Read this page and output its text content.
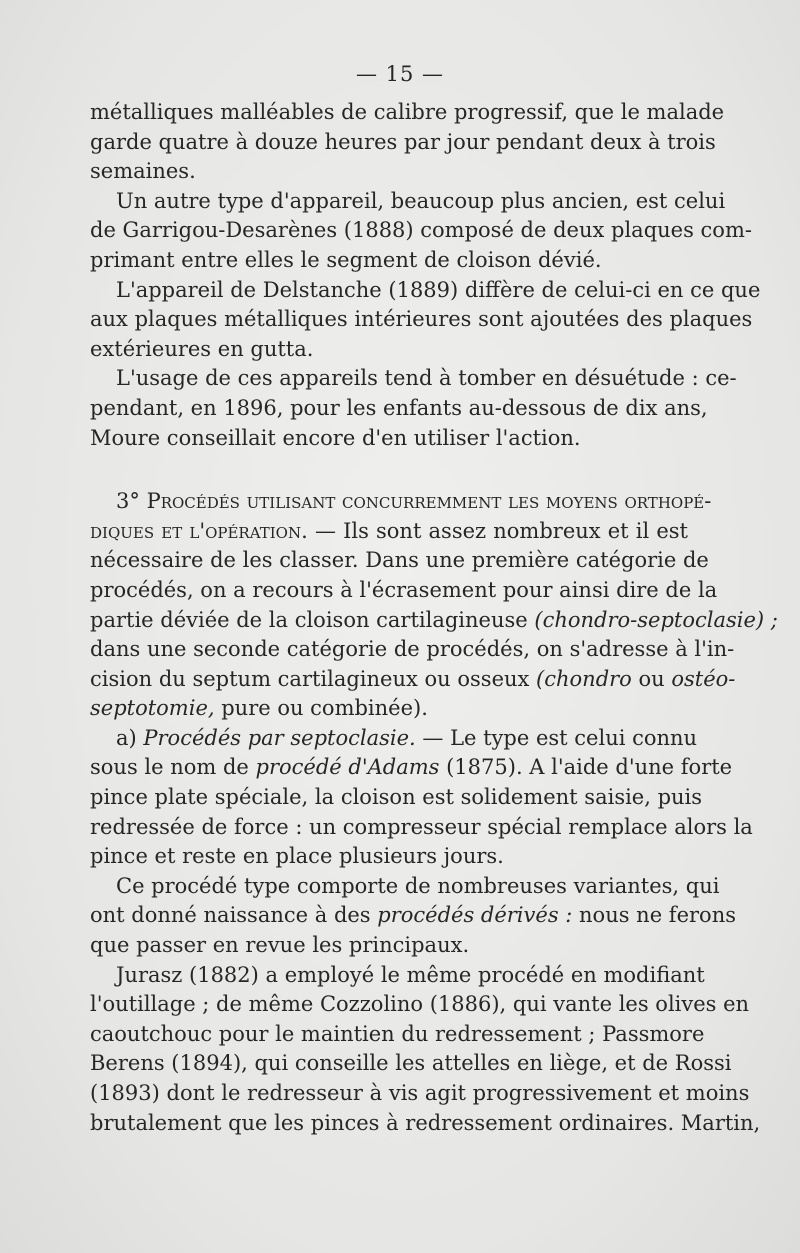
— 15 —
métalliques malléables de calibre progressif, que le malade
garde quatre à douze heures par jour pendant deux à trois
semaines.
Un autre type d'appareil, beaucoup plus ancien, est celui
de Garrigou-Desarènes (1888) composé de deux plaques com-
primant entre elles le segment de cloison dévié.
L'appareil de Delstanche (1889) diffère de celui-ci en ce que
aux plaques métalliques intérieures sont ajoutées des plaques
extérieures en gutta.
L'usage de ces appareils tend à tomber en désuétude : ce-
pendant, en 1896, pour les enfants au-dessous de dix ans,
Moure conseillait encore d'en utiliser l'action.
3° Procédés utilisant concurremment les moyens orthopé-
diques et l'opération. — Ils sont assez nombreux et il est
nécessaire de les classer. Dans une première catégorie de
procédés, on a recours à l'écrasement pour ainsi dire de la
partie déviée de la cloison cartilagineuse (chondro-septoclasie) ;
dans une seconde catégorie de procédés, on s'adresse à l'in-
cision du septum cartilagineux ou osseux (chondro ou ostéo-
septotomie, pure ou combinée).
a) Procédés par septoclasie. — Le type est celui connu
sous le nom de procédé d'Adams (1875). A l'aide d'une forte
pince plate spéciale, la cloison est solidement saisie, puis
redressée de force : un compresseur spécial remplace alors la
pince et reste en place plusieurs jours.
Ce procédé type comporte de nombreuses variantes, qui
ont donné naissance à des procédés dérivés : nous ne ferons
que passer en revue les principaux.
Jurasz (1882) a employé le même procédé en modifiant
l'outillage ; de même Cozzolino (1886), qui vante les olives en
caoutchouc pour le maintien du redressement ; Passmore
Berens (1894), qui conseille les attelles en liège, et de Rossi
(1893) dont le redresseur à vis agit progressivement et moins
brutalement que les pinces à redressement ordinaires. Martin,
